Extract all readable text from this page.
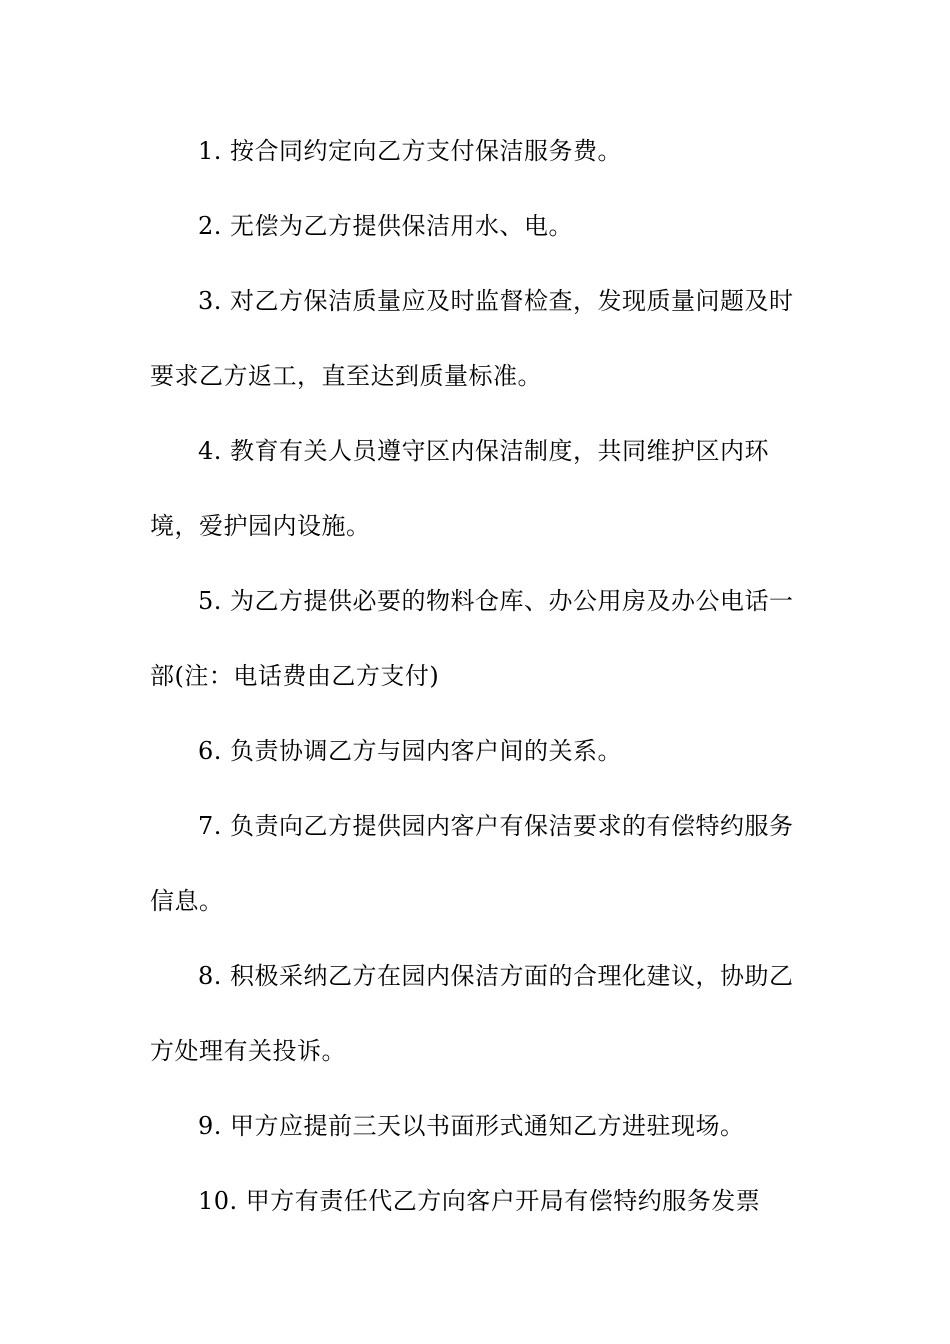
1. 按合同约定向乙方支付保洁服务费。

2. 无偿为乙方提供保洁用水、电。

3. 对乙方保洁质量应及时监督检查，发现质量问题及时要求乙方返工，直至达到质量标准。

4. 教育有关人员遵守区内保洁制度，共同维护区内环境，爱护园内设施。

5. 为乙方提供必要的物料仓库、办公用房及办公电话一部(注：电话费由乙方支付)

6. 负责协调乙方与园内客户间的关系。

7. 负责向乙方提供园内客户有保洁要求的有偿特约服务信息。

8. 积极采纳乙方在园内保洁方面的合理化建议，协助乙方处理有关投诉。

9. 甲方应提前三天以书面形式通知乙方进驻现场。

10. 甲方有责任代乙方向客户开局有偿特约服务发票
